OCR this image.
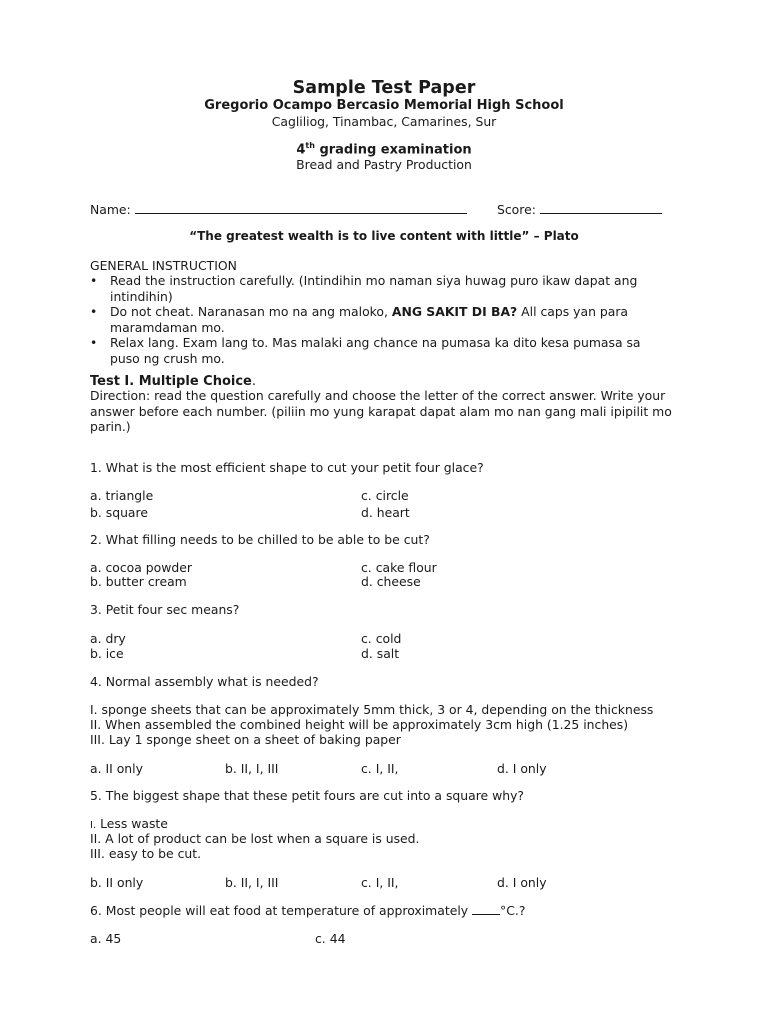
Sample Test Paper
Gregorio Ocampo Bercasio Memorial High School
Cagliliog, Tinambac, Camarines, Sur
4th grading examination
Bread and Pastry Production
Name:	Score:
“The greatest wealth is to live content with little” – Plato
GENERAL INSTRUCTION
• Read the instruction carefully. (Intindihin mo naman siya huwag puro ikaw dapat ang
intindihin)
• Do not cheat. Naranasan mo na ang maloko, ANG SAKIT DI BA? All caps yan para
maramdaman mo.
• Relax lang. Exam lang to. Mas malaki ang chance na pumasa ka dito kesa pumasa sa
puso ng crush mo.
Test I. Multiple Choice.
Direction: read the question carefully and choose the letter of the correct answer. Write your
answer before each number. (piliin mo yung karapat dapat alam mo nan gang mali ipipilit mo
parin.)
1. What is the most efficient shape to cut your petit four glace?
a. triangle	c. circle
b. square	d. heart
2. What filling needs to be chilled to be able to be cut?
a. cocoa powder	c. cake flour
b. butter cream	d. cheese
3. Petit four sec means?
a. dry	c. cold
b. ice	d. salt
4. Normal assembly what is needed?
I. sponge sheets that can be approximately 5mm thick, 3 or 4, depending on the thickness
II. When assembled the combined height will be approximately 3cm high (1.25 inches)
III. Lay 1 sponge sheet on a sheet of baking paper
a. II only	b. II, I, III	c. I, II,	d. I only
5. The biggest shape that these petit fours are cut into a square why?
I. Less waste
II. A lot of product can be lost when a square is used.
III. easy to be cut.
b. II only	b. II, I, III	c. I, II,	d. I only
6. Most people will eat food at temperature of approximately °C.?
a. 45	c. 44
